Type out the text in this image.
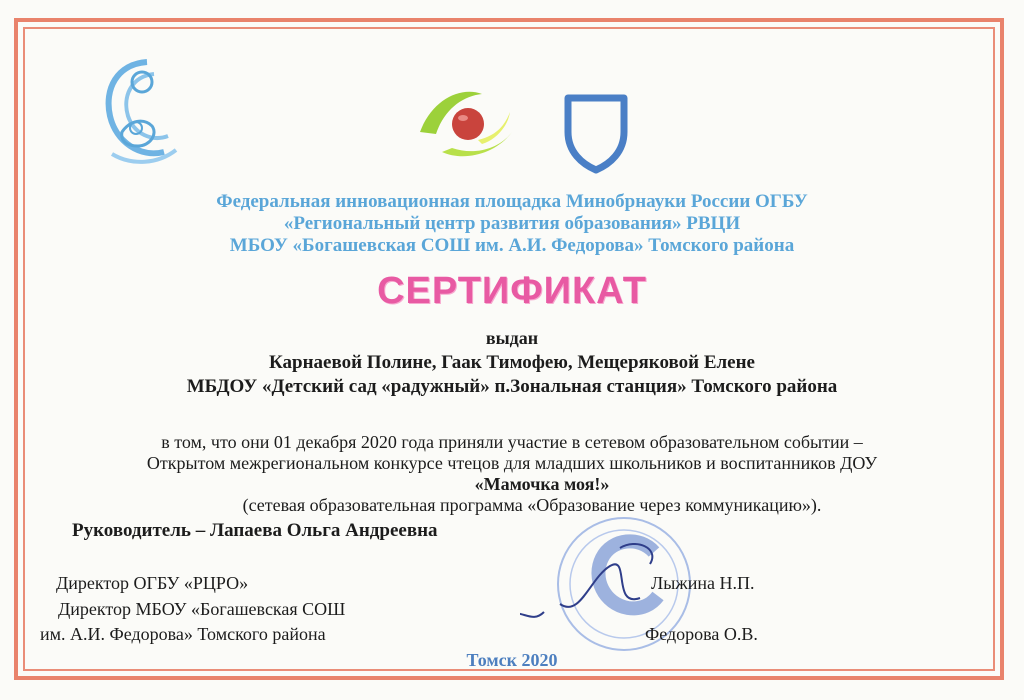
Федеральная инновационная площадка Минобрнауки России ОГБУ
«Региональный центр развития образования» РВЦИ
МБОУ «Богашевская СОШ им. А.И. Федорова» Томского района
СЕРТИФИКАТ
выдан
Карнаевой Полине, Гаак Тимофею, Мещеряковой Елене
МБДОУ «Детский сад «радужный» п.Зональная станция» Томского района
в том, что они 01 декабря 2020 года приняли участие в сетевом образовательном событии –
Открытом межрегиональном конкурсе чтецов для младших школьников и воспитанников ДОУ
«Мамочка моя!»
(сетевая образовательная программа «Образование через коммуникацию»).
Руководитель – Лапаева Ольга Андреевна
Директор ОГБУ «РЦРО»	Лыжина Н.П.
Директор МБОУ «Богашевская СОШ
им. А.И. Федорова» Томского района	Федорова О.В.
Томск 2020
